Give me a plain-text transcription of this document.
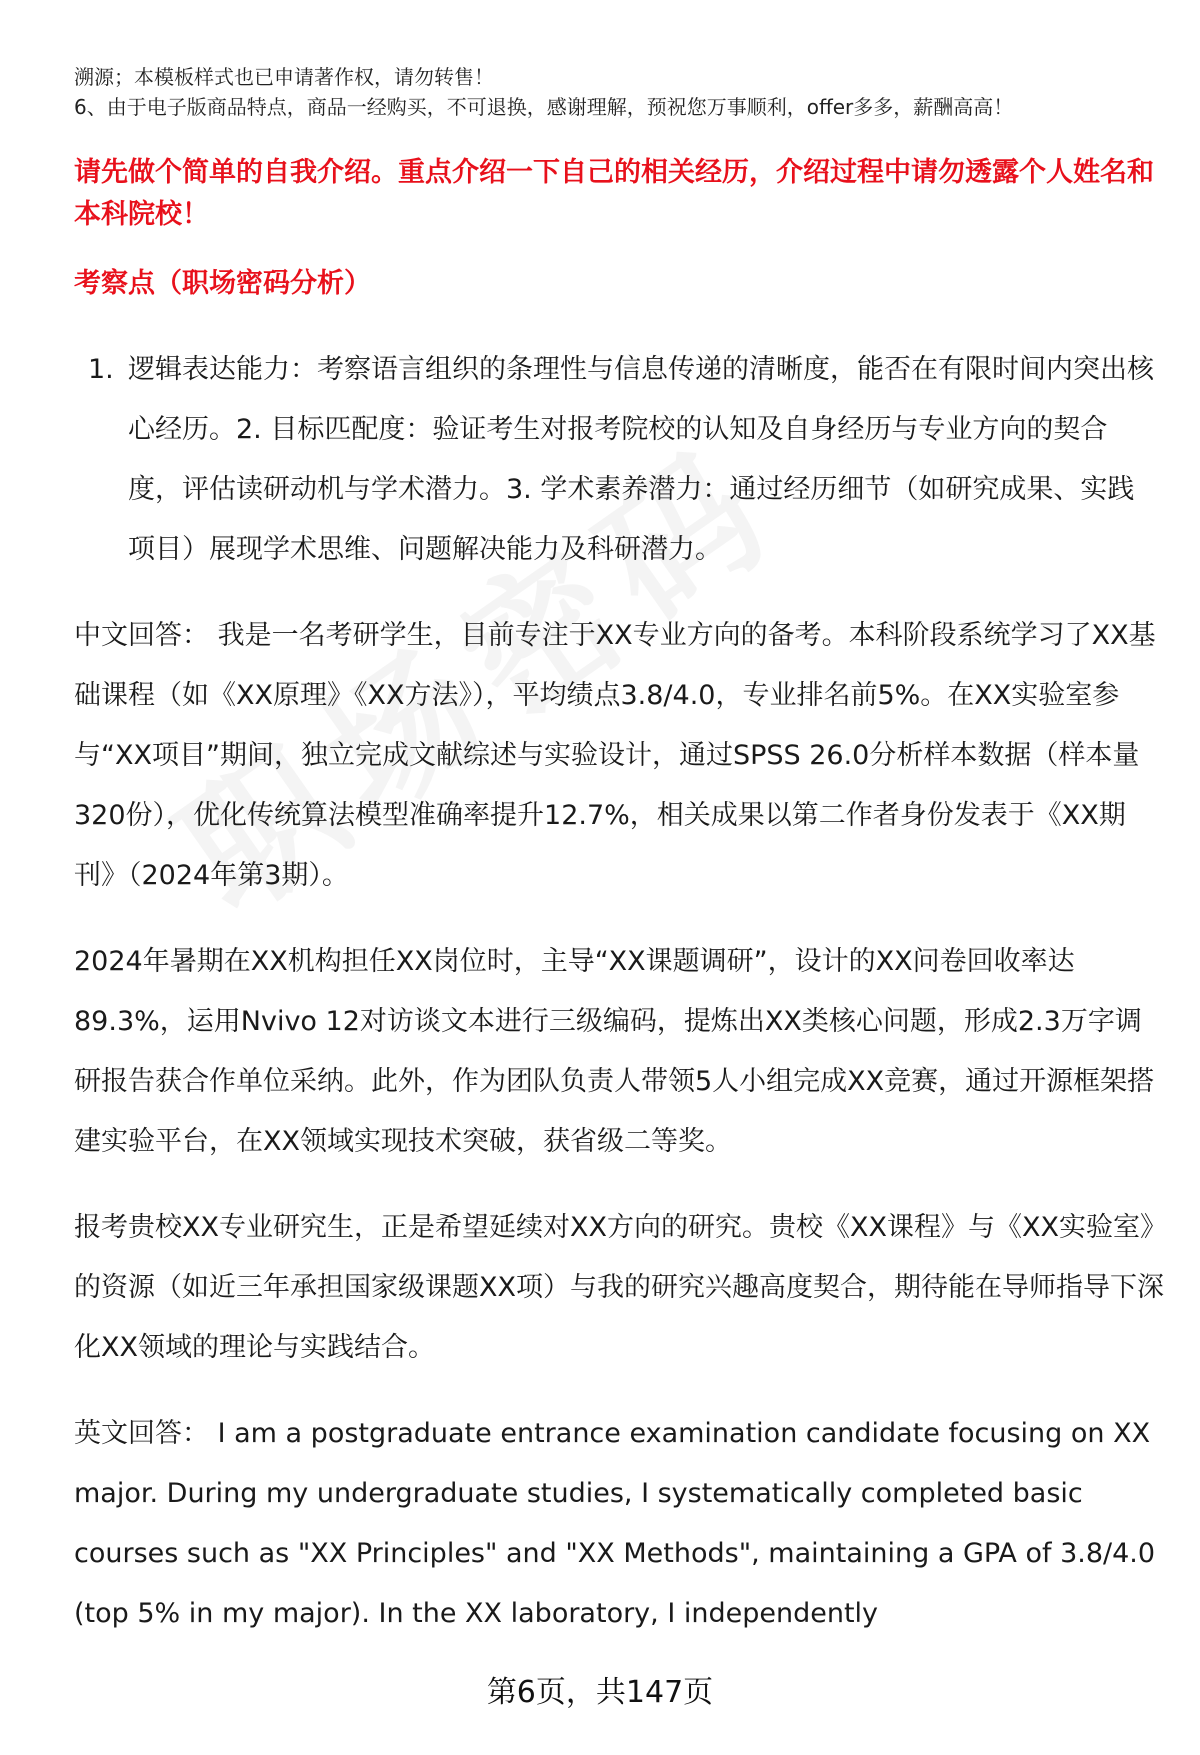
溯源；本模板样式也已申请著作权，请勿转售！
6、由于电子版商品特点，商品一经购买，不可退换，感谢理解，预祝您万事顺利，offer多多，薪酬高高！
请先做个简单的自我介绍。重点介绍一下自己的相关经历，介绍过程中请勿透露个人姓名和本科院校！
考察点（职场密码分析）
1. 逻辑表达能力：考察语言组织的条理性与信息传递的清晰度，能否在有限时间内突出核心经历。2. 目标匹配度：验证考生对报考院校的认知及自身经历与专业方向的契合度，评估读研动机与学术潜力。3. 学术素养潜力：通过经历细节（如研究成果、实践项目）展现学术思维、问题解决能力及科研潜力。
中文回答： 我是一名考研学生，目前专注于XX专业方向的备考。本科阶段系统学习了XX基础课程（如《XX原理》《XX方法》），平均绩点3.8/4.0，专业排名前5%。在XX实验室参与“XX项目”期间，独立完成文献综述与实验设计，通过SPSS 26.0分析样本数据（样本量320份），优化传统算法模型准确率提升12.7%，相关成果以第二作者身份发表于《XX期刊》（2024年第3期）。
2024年暑期在XX机构担任XX岗位时，主导“XX课题调研”，设计的XX问卷回收率达89.3%，运用Nvivo 12对访谈文本进行三级编码，提炼出XX类核心问题，形成2.3万字调研报告获合作单位采纳。此外，作为团队负责人带领5人小组完成XX竞赛，通过开源框架搭建实验平台，在XX领域实现技术突破，获省级二等奖。
报考贵校XX专业研究生，正是希望延续对XX方向的研究。贵校《XX课程》与《XX实验室》的资源（如近三年承担国家级课题XX项）与我的研究兴趣高度契合，期待能在导师指导下深化XX领域的理论与实践结合。
英文回答： I am a postgraduate entrance examination candidate focusing on XX major. During my undergraduate studies, I systematically completed basic courses such as "XX Principles" and "XX Methods", maintaining a GPA of 3.8/4.0 (top 5% in my major). In the XX laboratory, I independently
第6页，共147页
